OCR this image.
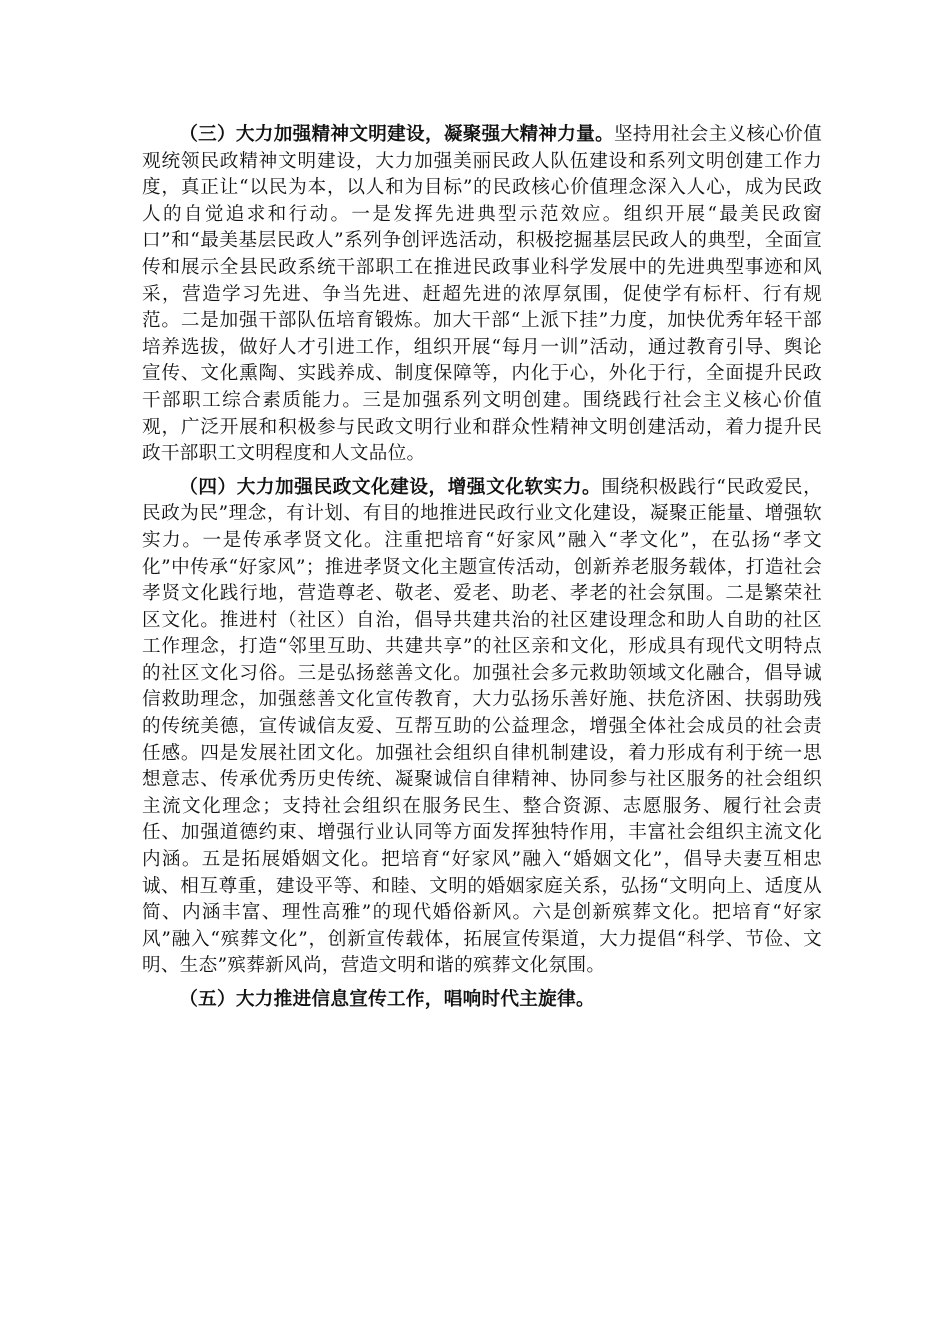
（三）大力加强精神文明建设，凝聚强大精神力量。坚持用社会主义核心价值观统领民政精神文明建设，大力加强美丽民政人队伍建设和系列文明创建工作力度，真正让“以民为本，以人和为目标”的民政核心价值理念深入人心，成为民政人的自觉追求和行动。一是发挥先进典型示范效应。组织开展“最美民政窗口”和“最美基层民政人”系列争创评选活动，积极挖掘基层民政人的典型，全面宣传和展示全县民政系统干部职工在推进民政事业科学发展中的先进典型事迹和风采，营造学习先进、争当先进、赶超先进的浓厚氛围，促使学有标杆、行有规范。二是加强干部队伍培育锻炼。加大干部“上派下挂”力度，加快优秀年轻干部培养选拔，做好人才引进工作，组织开展“每月一训”活动，通过教育引导、舆论宣传、文化熏陶、实践养成、制度保障等，内化于心，外化于行，全面提升民政干部职工综合素质能力。三是加强系列文明创建。围绕践行社会主义核心价值观，广泛开展和积极参与民政文明行业和群众性精神文明创建活动，着力提升民政干部职工文明程度和人文品位。

（四）大力加强民政文化建设，增强文化软实力。围绕积极践行“民政爱民，民政为民”理念，有计划、有目的地推进民政行业文化建设，凝聚正能量、增强软实力。一是传承孝贤文化。注重把培育“好家风”融入“孝文化”，在弘扬“孝文化”中传承“好家风”；推进孝贤文化主题宣传活动，创新养老服务载体，打造社会孝贤文化践行地，营造尊老、敬老、爱老、助老、孝老的社会氛围。二是繁荣社区文化。推进村（社区）自治，倡导共建共治的社区建设理念和助人自助的社区工作理念，打造“邻里互助、共建共享”的社区亲和文化，形成具有现代文明特点的社区文化习俗。三是弘扬慈善文化。加强社会多元救助领域文化融合，倡导诚信救助理念，加强慈善文化宣传教育，大力弘扬乐善好施、扶危济困、扶弱助残的传统美德，宣传诚信友爱、互帮互助的公益理念，增强全体社会成员的社会责任感。四是发展社团文化。加强社会组织自律机制建设，着力形成有利于统一思想意志、传承优秀历史传统、凝聚诚信自律精神、协同参与社区服务的社会组织主流文化理念；支持社会组织在服务民生、整合资源、志愿服务、履行社会责任、加强道德约束、增强行业认同等方面发挥独特作用，丰富社会组织主流文化内涵。五是拓展婚姻文化。把培育“好家风”融入“婚姻文化”，倡导夫妻互相忠诚、相互尊重，建设平等、和睦、文明的婚姻家庭关系，弘扬“文明向上、适度从简、内涵丰富、理性高雅”的现代婚俗新风。六是创新殡葬文化。把培育“好家风”融入“殡葬文化”，创新宣传载体，拓展宣传渠道，大力提倡“科学、节俭、文明、生态”殡葬新风尚，营造文明和谐的殡葬文化氛围。

（五）大力推进信息宣传工作，唱响时代主旋律。
